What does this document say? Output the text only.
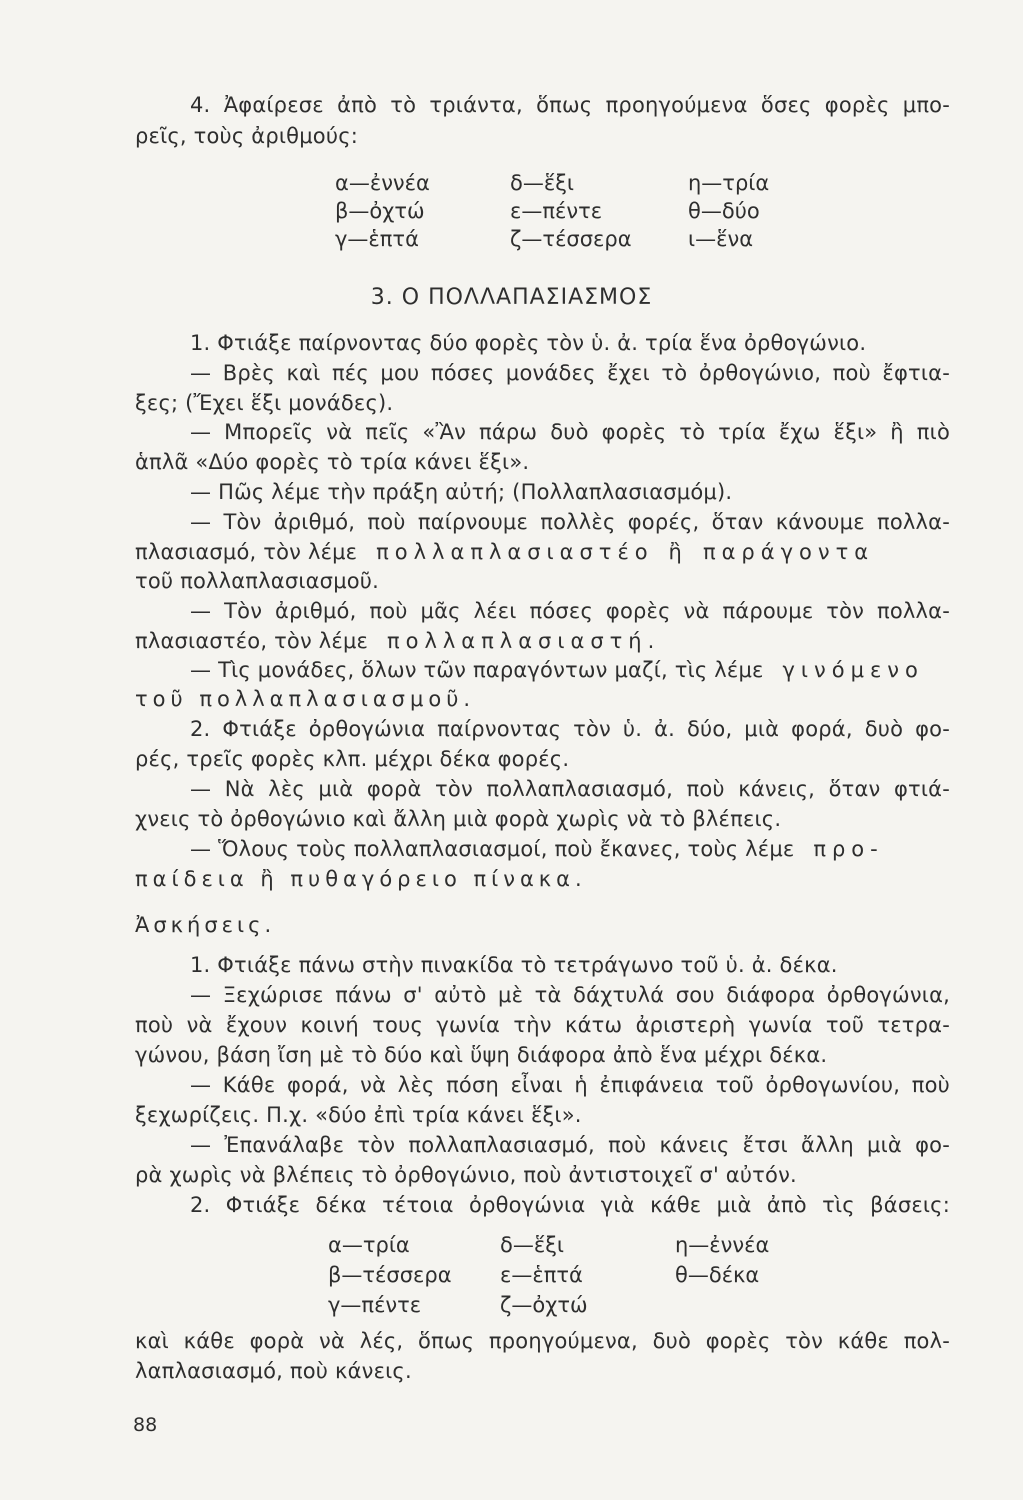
4. Ἀφαίρεσε ἀπὸ τὸ τριάντα, ὅπως προηγούμενα ὅσες φορὲς μπο-
ρεῖς, τοὺς ἀριθμούς:
α—ἐννέα
β—ὀχτώ
γ—ἑπτά
δ—ἕξι
ε—πέντε
ζ—τέσσερα
η—τρία
θ—δύο
ι—ἕνα
3. Ο ΠΟΛΛΑΠΑΣΙΑΣΜΟΣ
1. Φτιάξε παίρνοντας δύο φορὲς τὸν ὑ. ἀ. τρία ἕνα ὀρθογώνιο.
— Βρὲς καὶ πές μου πόσες μονάδες ἔχει τὸ ὀρθογώνιο, ποὺ ἔφτια-
ξες; (Ἔχει ἕξι μονάδες).
— Μπορεῖς νὰ πεῖς «Ἂν πάρω δυὸ φορὲς τὸ τρία ἔχω ἕξι» ἢ πιὸ
ἁπλᾶ «Δύο φορὲς τὸ τρία κάνει ἕξι».
— Πῶς λέμε τὴν πράξη αὐτή; (Πολλαπλασιασμόμ).
— Τὸν ἀριθμό, ποὺ παίρνουμε πολλὲς φορές, ὅταν κάνουμε πολλα-
πλασιασμό, τὸν λέμε πολλαπλασιαστέο ἢ παράγοντα
τοῦ πολλαπλασιασμοῦ.
— Τὸν ἀριθμό, ποὺ μᾶς λέει πόσες φορὲς νὰ πάρουμε τὸν πολλα-
πλασιαστέο, τὸν λέμε πολλαπλασιαστή.
— Τὶς μονάδες, ὅλων τῶν παραγόντων μαζί, τὶς λέμε γινόμενο
τοῦ πολλαπλασιασμοῦ.
2. Φτιάξε ὀρθογώνια παίρνοντας τὸν ὑ. ἀ. δύο, μιὰ φορά, δυὸ φο-
ρές, τρεῖς φορὲς κλπ. μέχρι δέκα φορές.
— Νὰ λὲς μιὰ φορὰ τὸν πολλαπλασιασμό, ποὺ κάνεις, ὅταν φτιά-
χνεις τὸ ὀρθογώνιο καὶ ἄλλη μιὰ φορὰ χωρὶς νὰ τὸ βλέπεις.
— Ὅλους τοὺς πολλαπλασιασμοί, ποὺ ἔκανες, τοὺς λέμε προ-
παίδεια ἢ πυθαγόρειο πίνακα.
Ἀσκήσεις.
1. Φτιάξε πάνω στὴν πινακίδα τὸ τετράγωνο τοῦ ὑ. ἀ. δέκα.
— Ξεχώρισε πάνω σ' αὐτὸ μὲ τὰ δάχτυλά σου διάφορα ὀρθογώνια,
ποὺ νὰ ἔχουν κοινή τους γωνία τὴν κάτω ἀριστερὴ γωνία τοῦ τετρα-
γώνου, βάση ἴση μὲ τὸ δύο καὶ ὕψη διάφορα ἀπὸ ἕνα μέχρι δέκα.
— Κάθε φορά, νὰ λὲς πόση εἶναι ἡ ἐπιφάνεια τοῦ ὀρθογωνίου, ποὺ
ξεχωρίζεις. Π.χ. «δύο ἐπὶ τρία κάνει ἕξι».
— Ἐπανάλαβε τὸν πολλαπλασιασμό, ποὺ κάνεις ἔτσι ἄλλη μιὰ φο-
ρὰ χωρὶς νὰ βλέπεις τὸ ὀρθογώνιο, ποὺ ἀντιστοιχεῖ σ' αὐτόν.
2. Φτιάξε δέκα τέτοια ὀρθογώνια γιὰ κάθε μιὰ ἀπὸ τὶς βάσεις:
α—τρία
β—τέσσερα
γ—πέντε
δ—ἕξι
ε—ἑπτά
ζ—ὀχτώ
η—ἐννέα
θ—δέκα
καὶ κάθε φορὰ νὰ λές, ὅπως προηγούμενα, δυὸ φορὲς τὸν κάθε πολ-
λαπλασιασμό, ποὺ κάνεις.
88
